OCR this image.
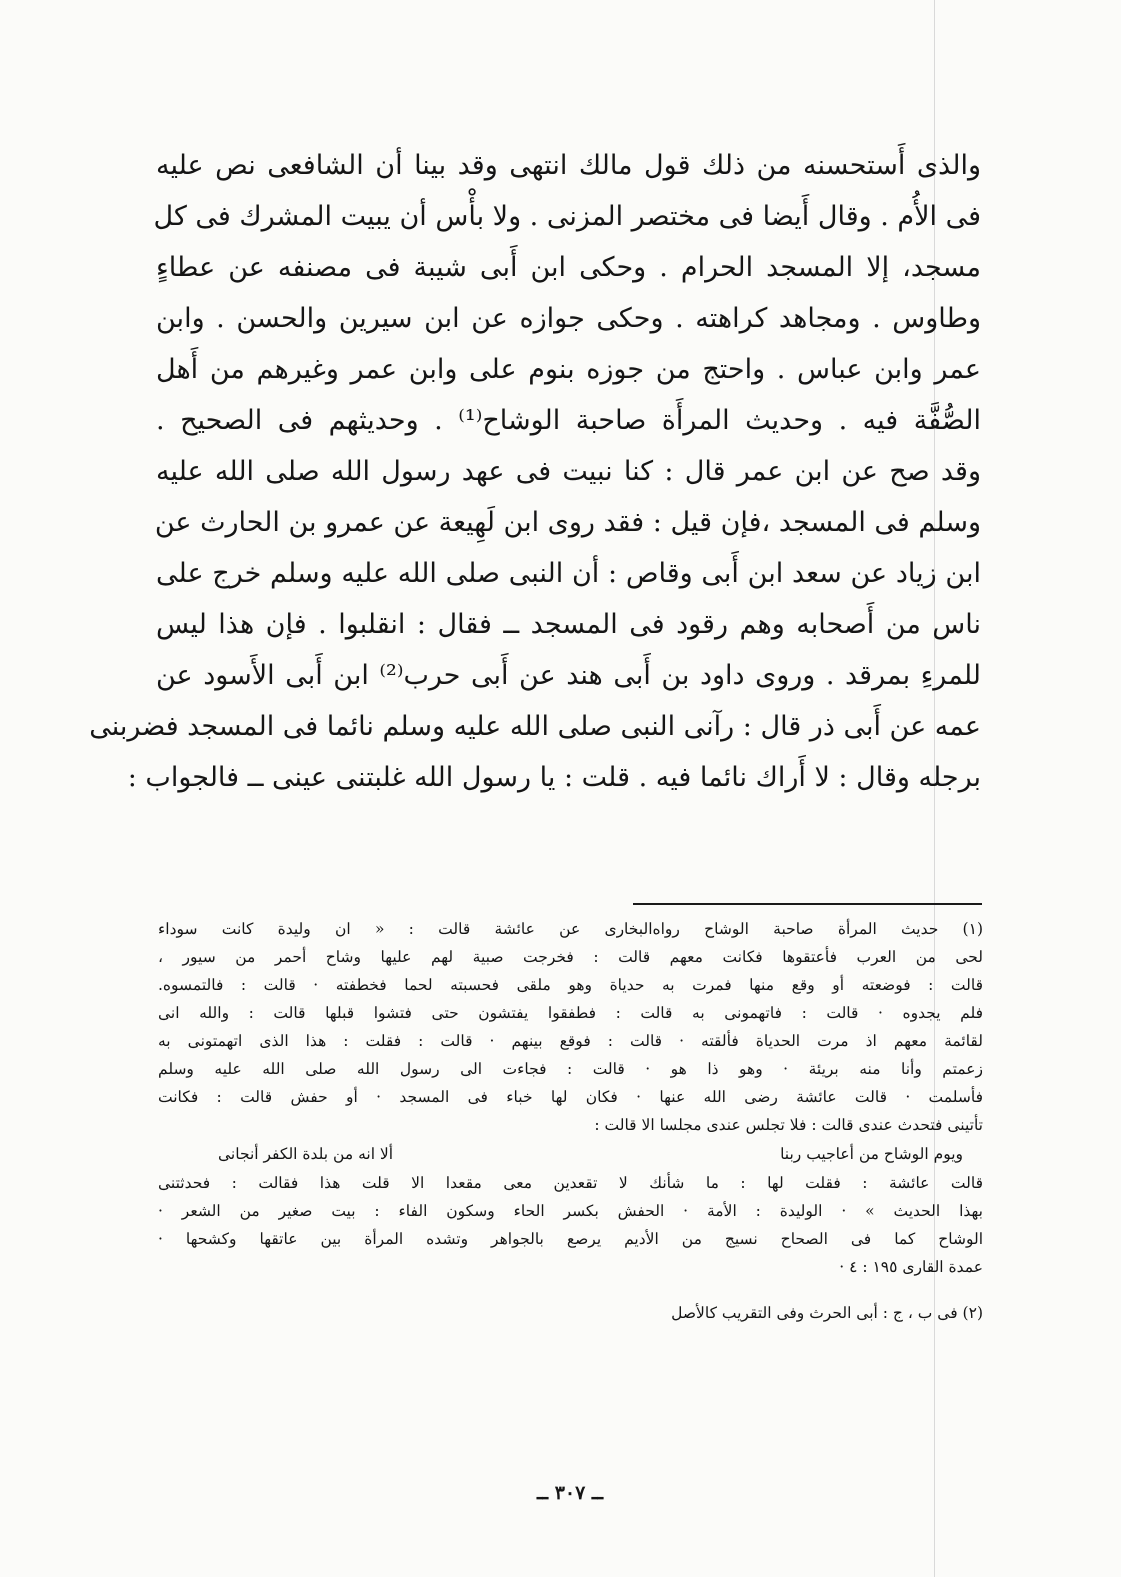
والذى أَستحسنه من ذلك قول مالك انتهى وقد بينا أن الشافعى نص عليه
فى الأُم . وقال أَيضا فى مختصر المزنى . ولا بأْس أن يبيت المشرك فى كل
مسجد، إلا المسجد الحرام . وحكى ابن أَبى شيبة فى مصنفه عن عطاءٍ
وطاوس . ومجاهد كراهته . وحكى جوازه عن ابن سيرين والحسن . وابن
عمر وابن عباس . واحتج من جوزه بنوم على وابن عمر وغيرهم من أَهل
الصُّفَّة فيه . وحديث المرأَة صاحبة الوشاح⁽¹⁾ . وحديثهم فى الصحيح .
وقد صح عن ابن عمر قال : كنا نبيت فى عهد رسول الله صلى الله عليه
وسلم فى المسجد ،فإن قيل : فقد روى ابن لَهِيعة عن عمرو بن الحارث عن
ابن زياد عن سعد ابن أَبى وقاص : أن النبى صلى الله عليه وسلم خرج على
ناس من أَصحابه وهم رقود فى المسجد ــ فقال : انقلبوا . فإن هذا ليس
للمرءِ بمرقد . وروى داود بن أَبى هند عن أَبى حرب⁽²⁾ ابن أَبى الأَسود عن
عمه عن أَبى ذر قال : رآنى النبى صلى الله عليه وسلم نائما فى المسجد فضربنى
برجله وقال : لا أَراك نائما فيه . قلت : يا رسول الله غلبتنى عينى ــ فالجواب :
(١) حديث المرأة صاحبة الوشاح رواه‌البخارى عن عائشة قالت : « ان وليدة كانت سوداء
لحى من العرب فأعتقوها فكانت معهم قالت : فخرجت صبية لهم عليها وشاح أحمر من سيور ،
قالت : فوضعته أو وقع منها فمرت به حدياة وهو ملقى فحسبته لحما فخطفته · قالت : فالتمسوه.
فلم يجدوه · قالت : فاتهمونى به قالت : فطفقوا يفتشون حتى فتشوا قبلها قالت : والله انى
لقائمة معهم اذ مرت الحدياة فألقته · قالت : فوقع بينهم · قالت : فقلت : هذا الذى اتهمتونى به
زعمتم وأنا منه بريئة · وهو ذا هو · قالت : فجاءت الى رسول الله صلى الله عليه وسلم
فأسلمت · قالت عائشة رضى الله عنها · فكان لها خباء فى المسجد · أو حفش قالت : فكانت
تأتينى فتحدث عندى قالت : فلا تجلس عندى مجلسا الا قالت :
ويوم الوشاح من أعاجيب ربنا
ألا انه من بلدة الكفر أنجانى
قالت عائشة : فقلت لها : ما شأنك لا تقعدين معى مقعدا الا قلت هذا فقالت : فحدثتنى
بهذا الحديث » · الوليدة : الأمة · الحفش بكسر الحاء وسكون الفاء : بيت صغير من الشعر ·
الوشاح كما فى الصحاح نسيج من الأديم يرصع بالجواهر وتشده المرأة بين عاتقها وكشحها ·
عمدة القارى ١٩٥ : ٤ ·
(٢) فى ب ، ج : أبى الحرث وفى التقريب كالأصل
ــ ٣٠٧ ــ
